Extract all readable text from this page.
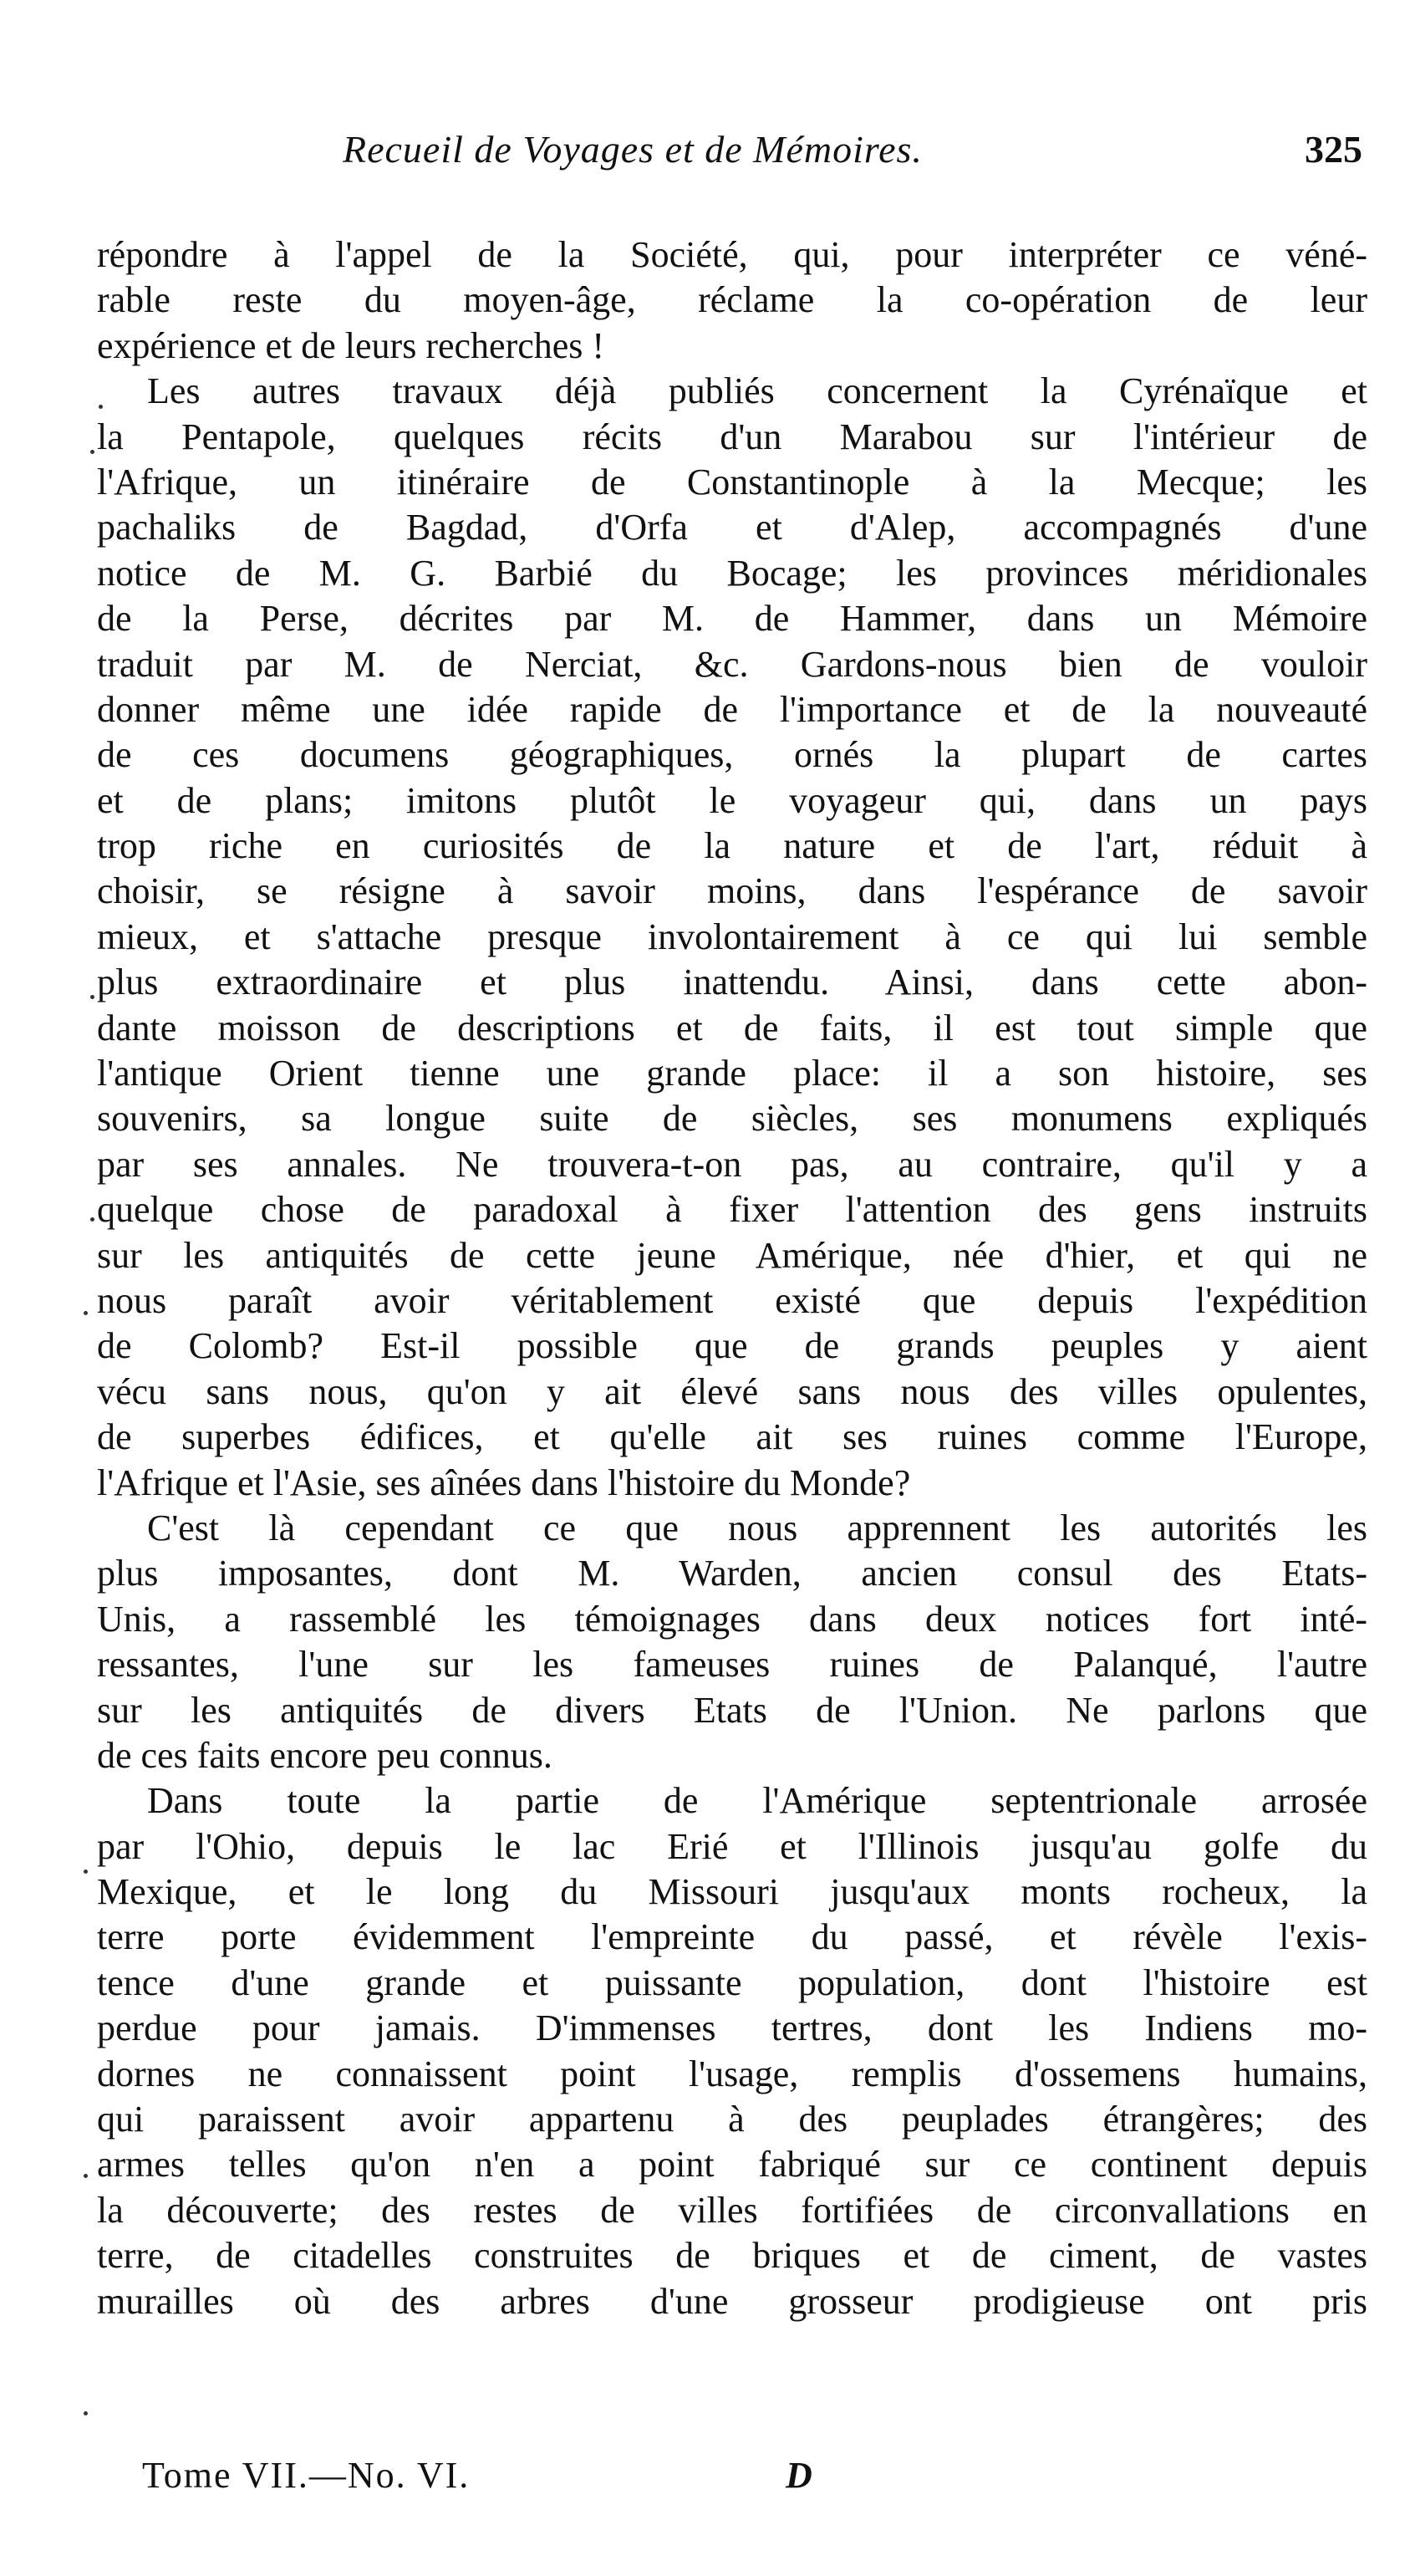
Recueil de Voyages et de Mémoires.	325
répondre à l'appel de la Société, qui, pour interpréter ce véné-
rable reste du moyen-âge, réclame la co-opération de leur
expérience et de leurs recherches !
Les autres travaux déjà publiés concernent la Cyrénaïque et
la Pentapole, quelques récits d'un Marabou sur l'intérieur de
l'Afrique, un itinéraire de Constantinople à la Mecque; les
pachaliks de Bagdad, d'Orfa et d'Alep, accompagnés d'une
notice de M. G. Barbié du Bocage; les provinces méridionales
de la Perse, décrites par M. de Hammer, dans un Mémoire
traduit par M. de Nerciat, &c. Gardons-nous bien de vouloir
donner même une idée rapide de l'importance et de la nouveauté
de ces documens géographiques, ornés la plupart de cartes
et de plans; imitons plutôt le voyageur qui, dans un pays
trop riche en curiosités de la nature et de l'art, réduit à
choisir, se résigne à savoir moins, dans l'espérance de savoir
mieux, et s'attache presque involontairement à ce qui lui semble
plus extraordinaire et plus inattendu. Ainsi, dans cette abon-
dante moisson de descriptions et de faits, il est tout simple que
l'antique Orient tienne une grande place: il a son histoire, ses
souvenirs, sa longue suite de siècles, ses monumens expliqués
par ses annales. Ne trouvera-t-on pas, au contraire, qu'il y a
quelque chose de paradoxal à fixer l'attention des gens instruits
sur les antiquités de cette jeune Amérique, née d'hier, et qui ne
nous paraît avoir véritablement existé que depuis l'expédition
de Colomb? Est-il possible que de grands peuples y aient
vécu sans nous, qu'on y ait élevé sans nous des villes opulentes,
de superbes édifices, et qu'elle ait ses ruines comme l'Europe,
l'Afrique et l'Asie, ses aînées dans l'histoire du Monde?
C'est là cependant ce que nous apprennent les autorités les
plus imposantes, dont M. Warden, ancien consul des Etats-
Unis, a rassemblé les témoignages dans deux notices fort inté-
ressantes, l'une sur les fameuses ruines de Palanqué, l'autre
sur les antiquités de divers Etats de l'Union. Ne parlons que
de ces faits encore peu connus.
Dans toute la partie de l'Amérique septentrionale arrosée
par l'Ohio, depuis le lac Erié et l'Illinois jusqu'au golfe du
Mexique, et le long du Missouri jusqu'aux monts rocheux, la
terre porte évidemment l'empreinte du passé, et révèle l'exis-
tence d'une grande et puissante population, dont l'histoire est
perdue pour jamais. D'immenses tertres, dont les Indiens mo-
dornes ne connaissent point l'usage, remplis d'ossemens humains,
qui paraissent avoir appartenu à des peuplades étrangères; des
armes telles qu'on n'en a point fabriqué sur ce continent depuis
la découverte; des restes de villes fortifiées de circonvallations en
terre, de citadelles construites de briques et de ciment, de vastes
murailles où des arbres d'une grosseur prodigieuse ont pris
Tome VII.—No. VI.	D
